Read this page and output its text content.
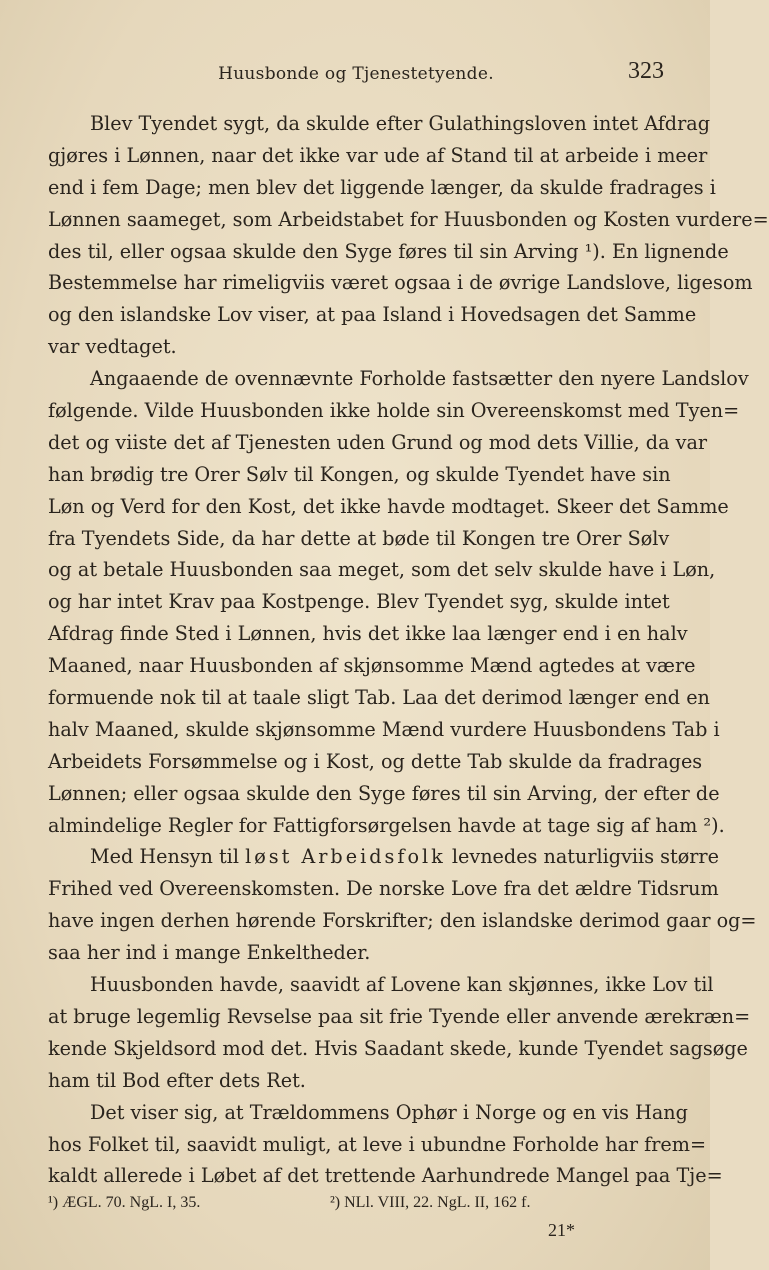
Huusbonde og Tjenestetyende.	323
Blev Tyendet sygt, da skulde efter Gulathingsloven intet Afdrag
gjøres i Lønnen, naar det ikke var ude af Stand til at arbeide i meer
end i fem Dage; men blev det liggende længer, da skulde fradrages i
Lønnen saameget, som Arbeidstabet for Huusbonden og Kosten vurdere=
des til, eller ogsaa skulde den Syge føres til sin Arving ¹). En lignende
Bestemmelse har rimeligviis været ogsaa i de øvrige Landslove, ligesom
og den islandske Lov viser, at paa Island i Hovedsagen det Samme
var vedtaget.
Angaaende de ovennævnte Forholde fastsætter den nyere Landslov
følgende. Vilde Huusbonden ikke holde sin Overeenskomst med Tyen=
det og viiste det af Tjenesten uden Grund og mod dets Villie, da var
han brødig tre Orer Sølv til Kongen, og skulde Tyendet have sin
Løn og Verd for den Kost, det ikke havde modtaget. Skeer det Samme
fra Tyendets Side, da har dette at bøde til Kongen tre Orer Sølv
og at betale Huusbonden saa meget, som det selv skulde have i Løn,
og har intet Krav paa Kostpenge. Blev Tyendet syg, skulde intet
Afdrag finde Sted i Lønnen, hvis det ikke laa længer end i en halv
Maaned, naar Huusbonden af skjønsomme Mænd agtedes at være
formuende nok til at taale sligt Tab. Laa det derimod længer end en
halv Maaned, skulde skjønsomme Mænd vurdere Huusbondens Tab i
Arbeidets Forsømmelse og i Kost, og dette Tab skulde da fradrages
Lønnen; eller ogsaa skulde den Syge føres til sin Arving, der efter de
almindelige Regler for Fattigforsørgelsen havde at tage sig af ham ²).
Med Hensyn til løst Arbeidsfolk levnedes naturligviis større
Frihed ved Overeenskomsten. De norske Love fra det ældre Tidsrum
have ingen derhen hørende Forskrifter; den islandske derimod gaar og=
saa her ind i mange Enkeltheder.
Huusbonden havde, saavidt af Lovene kan skjønnes, ikke Lov til
at bruge legemlig Revselse paa sit frie Tyende eller anvende ærekræn=
kende Skjeldsord mod det. Hvis Saadant skede, kunde Tyendet sagsøge
ham til Bod efter dets Ret.
Det viser sig, at Trældommens Ophør i Norge og en vis Hang
hos Folket til, saavidt muligt, at leve i ubundne Forholde har frem=
kaldt allerede i Løbet af det trettende Aarhundrede Mangel paa Tje=
¹) ÆGL. 70. NgL. I, 35.	²) NLl. VIII, 22. NgL. II, 162 f.
21*
